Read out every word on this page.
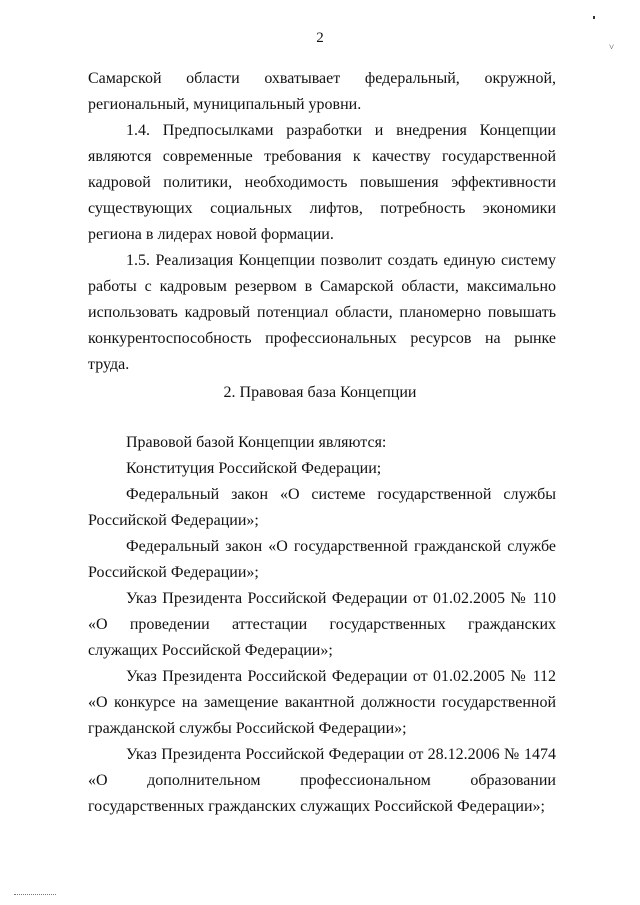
˅
2

Самарской области охватывает федеральный, окружной, региональный, муниципальный уровни.

1.4. Предпосылками разработки и внедрения Концепции являются современные требования к качеству государственной кадровой политики, необходимость повышения эффективности существующих социальных лифтов, потребность экономики региона в лидерах новой формации.

1.5. Реализация Концепции позволит создать единую систему работы с кадровым резервом в Самарской области, максимально использовать кадровый потенциал области, планомерно повышать конкурентоспособность профессиональных ресурсов на рынке труда.

2. Правовая база Концепции

Правовой базой Концепции являются:

Конституция Российской Федерации;

Федеральный закон «О системе государственной службы Российской Федерации»;

Федеральный закон «О государственной гражданской службе Российской Федерации»;

Указ Президента Российской Федерации от 01.02.2005 № 110 «О проведении аттестации государственных гражданских служащих Российской Федерации»;

Указ Президента Российской Федерации от 01.02.2005 № 112 «О конкурсе на замещение вакантной должности государственной гражданской службы Российской Федерации»;

Указ Президента Российской Федерации от 28.12.2006 № 1474 «О дополнительном профессиональном образовании государственных гражданских служащих Российской Федерации»;
